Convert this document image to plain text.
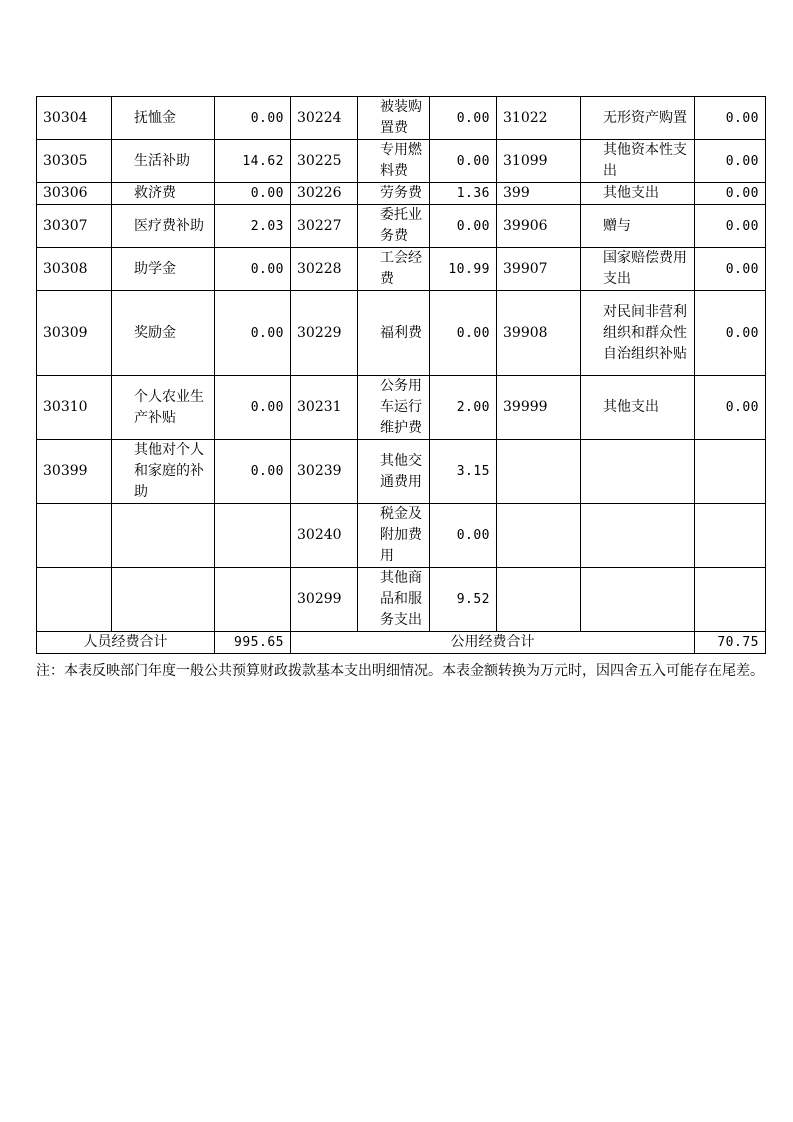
30304	抚恤金	0.00	30224	被装购置费	0.00	31022	无形资产购置	0.00
30305	生活补助	14.62	30225	专用燃料费	0.00	31099	其他资本性支出	0.00
30306	救济费	0.00	30226	劳务费	1.36	399	其他支出	0.00
30307	医疗费补助	2.03	30227	委托业务费	0.00	39906	赠与	0.00
30308	助学金	0.00	30228	工会经费	10.99	39907	国家赔偿费用支出	0.00
30309	奖励金	0.00	30229	福利费	0.00	39908	对民间非营利组织和群众性自治组织补贴	0.00
30310	个人农业生产补贴	0.00	30231	公务用车运行维护费	2.00	39999	其他支出	0.00
30399	其他对个人和家庭的补助	0.00	30239	其他交通费用	3.15			
			30240	税金及附加费用	0.00			
			30299	其他商品和服务支出	9.52			
人员经费合计		995.65	公用经费合计					70.75
注：本表反映部门年度一般公共预算财政拨款基本支出明细情况。本表金额转换为万元时，因四舍五入可能存在尾差。
